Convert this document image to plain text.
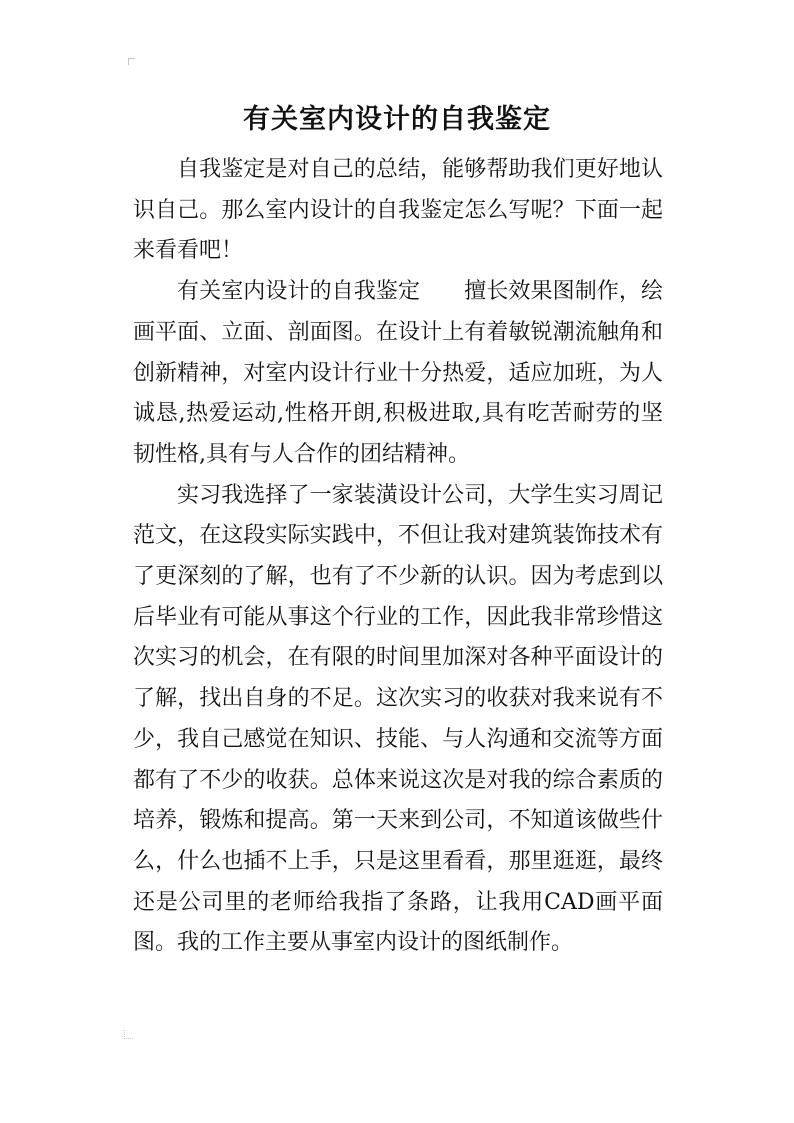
有关室内设计的自我鉴定

自我鉴定是对自己的总结，能够帮助我们更好地认识自己。那么室内设计的自我鉴定怎么写呢？下面一起来看看吧！

有关室内设计的自我鉴定　　擅长效果图制作，绘画平面、立面、剖面图。在设计上有着敏锐潮流触角和创新精神，对室内设计行业十分热爱，适应加班，为人诚恳,热爱运动,性格开朗,积极进取,具有吃苦耐劳的坚韧性格,具有与人合作的团结精神。

实习我选择了一家装潢设计公司，大学生实习周记范文，在这段实际实践中，不但让我对建筑装饰技术有了更深刻的了解，也有了不少新的认识。因为考虑到以后毕业有可能从事这个行业的工作，因此我非常珍惜这次实习的机会，在有限的时间里加深对各种平面设计的了解，找出自身的不足。这次实习的收获对我来说有不少，我自己感觉在知识、技能、与人沟通和交流等方面都有了不少的收获。总体来说这次是对我的综合素质的培养，锻炼和提高。第一天来到公司，不知道该做些什么，什么也插不上手，只是这里看看，那里逛逛，最终还是公司里的老师给我指了条路，让我用CAD画平面图。我的工作主要从事室内设计的图纸制作。
